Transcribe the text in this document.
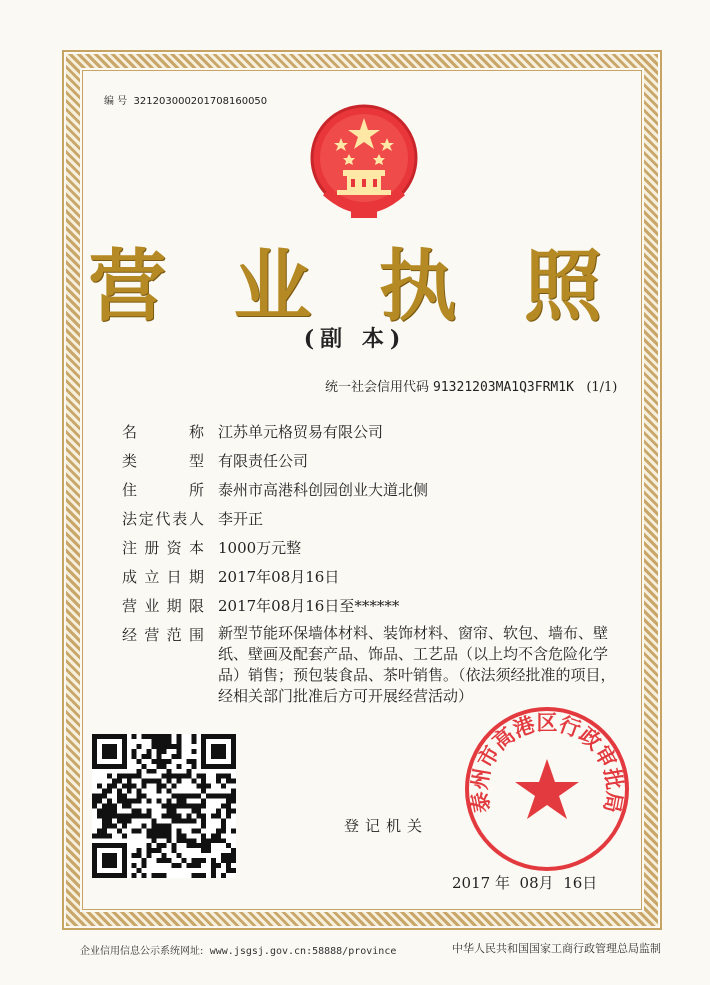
编 号 321203000201708160050
营 业 执 照
(副 本)
统一社会信用代码 91321203MA1Q3FRM1K (1/1)
名	称 江苏单元格贸易有限公司
类	型 有限责任公司
住	所 泰州市高港科创园创业大道北侧
法 定 代 表 人 李开正
注 册 资 本 1000万元整
成 立 日 期 2017年08月16日
营 业 期 限 2017年08月16日至******
经 营 范 围 新型节能环保墙体材料、装饰材料、窗帘、软包、墙布、壁纸、壁画及配套产品、饰品、工艺品（以上均不含危险化学品）销售；预包装食品、茶叶销售。（依法须经批准的项目，经相关部门批准后方可开展经营活动）
登记机关
泰州市高港区行政审批局
2017 年 08月 16日
企业信用信息公示系统网址: www.jsgsj.gov.cn:58888/province	中华人民共和国国家工商行政管理总局监制
